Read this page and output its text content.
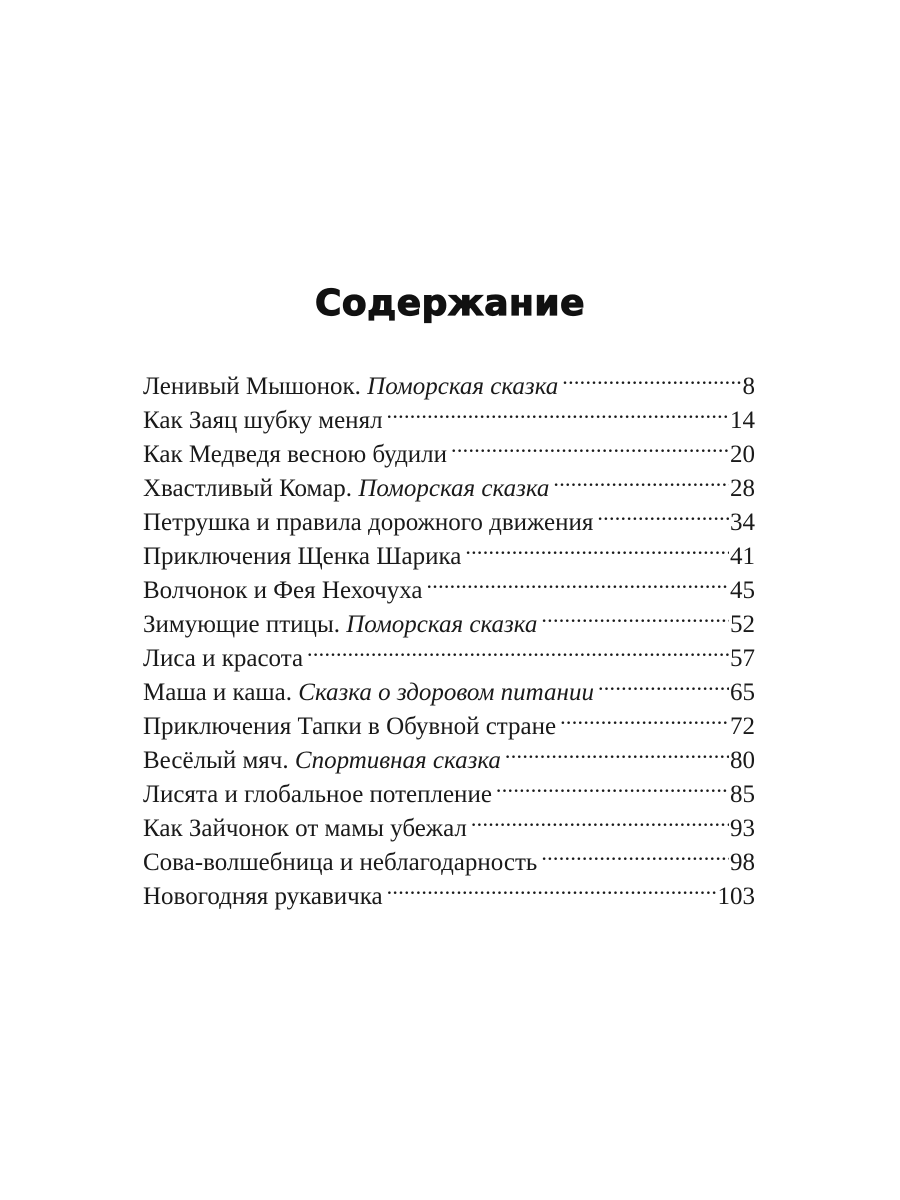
Содержание
Ленивый Мышонок. Поморская сказка .....	8
Как Заяц шубку менял .....	14
Как Медведя весною будили .....	20
Хвастливый Комар. Поморская сказка .....	28
Петрушка и правила дорожного движения .....	34
Приключения Щенка Шарика .....	41
Волчонок и Фея Нехочуха .....	45
Зимующие птицы. Поморская сказка .....	52
Лиса и красота .....	57
Маша и каша. Сказка о здоровом питании .....	65
Приключения Тапки в Обувной стране .....	72
Весёлый мяч. Спортивная сказка .....	80
Лисята и глобальное потепление .....	85
Как Зайчонок от мамы убежал .....	93
Сова-волшебница и неблагодарность .....	98
Новогодняя рукавичка .....	103
